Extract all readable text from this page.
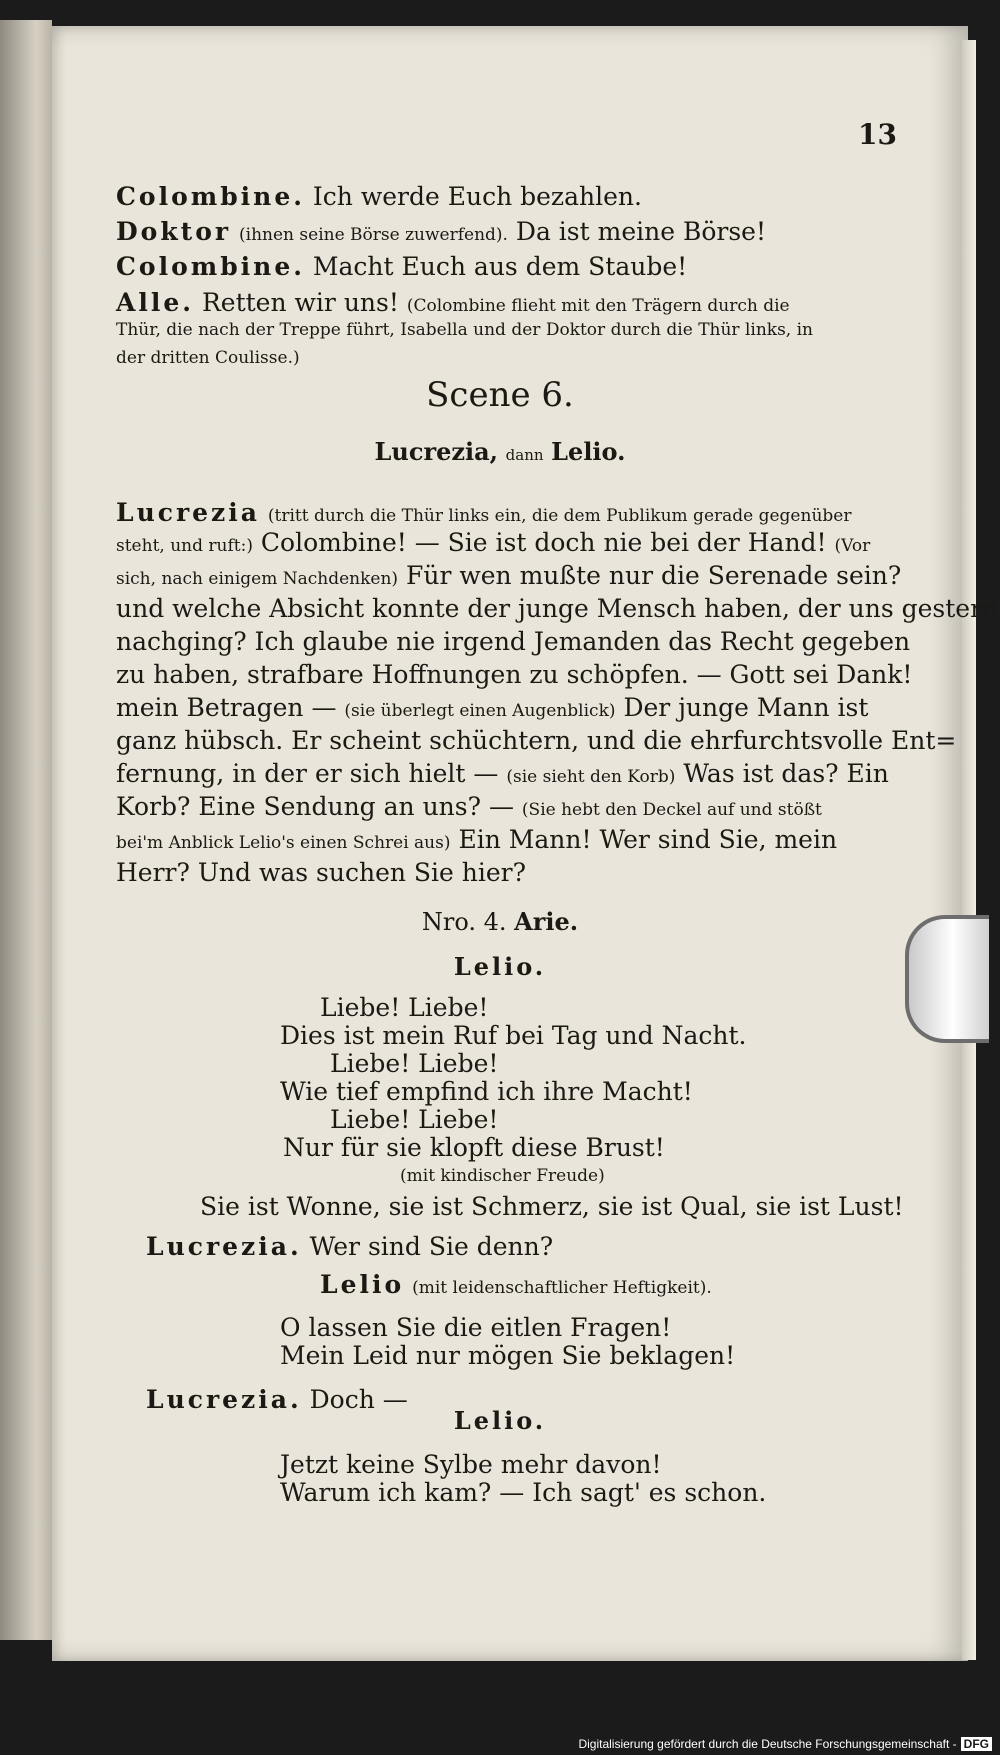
13
Colombine. Ich werde Euch bezahlen.
Doktor (ihnen seine Börse zuwerfend). Da ist meine Börse!
Colombine. Macht Euch aus dem Staube!
Alle. Retten wir uns! (Colombine flieht mit den Trägern durch die
Thür, die nach der Treppe führt, Isabella und der Doktor durch die Thür links, in
der dritten Coulisse.)
Scene 6.
Lucrezia, dann Lelio.
Lucrezia (tritt durch die Thür links ein, die dem Publikum gerade gegenüber
steht, und ruft:) Colombine! — Sie ist doch nie bei der Hand! (Vor
sich, nach einigem Nachdenken) Für wen mußte nur die Serenade sein?
und welche Absicht konnte der junge Mensch haben, der uns gestern
nachging? Ich glaube nie irgend Jemanden das Recht gegeben
zu haben, strafbare Hoffnungen zu schöpfen. — Gott sei Dank!
mein Betragen — (sie überlegt einen Augenblick) Der junge Mann ist
ganz hübsch. Er scheint schüchtern, und die ehrfurchtsvolle Ent=
fernung, in der er sich hielt — (sie sieht den Korb) Was ist das? Ein
Korb? Eine Sendung an uns? — (Sie hebt den Deckel auf und stößt
bei'm Anblick Lelio's einen Schrei aus) Ein Mann! Wer sind Sie, mein
Herr? Und was suchen Sie hier?
Nro. 4. Arie.
Lelio.
Liebe! Liebe!
Dies ist mein Ruf bei Tag und Nacht.
Liebe! Liebe!
Wie tief empfind ich ihre Macht!
Liebe! Liebe!
Nur für sie klopft diese Brust!
(mit kindischer Freude)
Sie ist Wonne, sie ist Schmerz, sie ist Qual, sie ist Lust!
Lucrezia. Wer sind Sie denn?
Lelio (mit leidenschaftlicher Heftigkeit).
O lassen Sie die eitlen Fragen!
Mein Leid nur mögen Sie beklagen!
Lucrezia. Doch —
Lelio.
Jetzt keine Sylbe mehr davon!
Warum ich kam? — Ich sagt' es schon.
Digitalisierung gefördert durch die Deutsche Forschungsgemeinschaft - DFG
